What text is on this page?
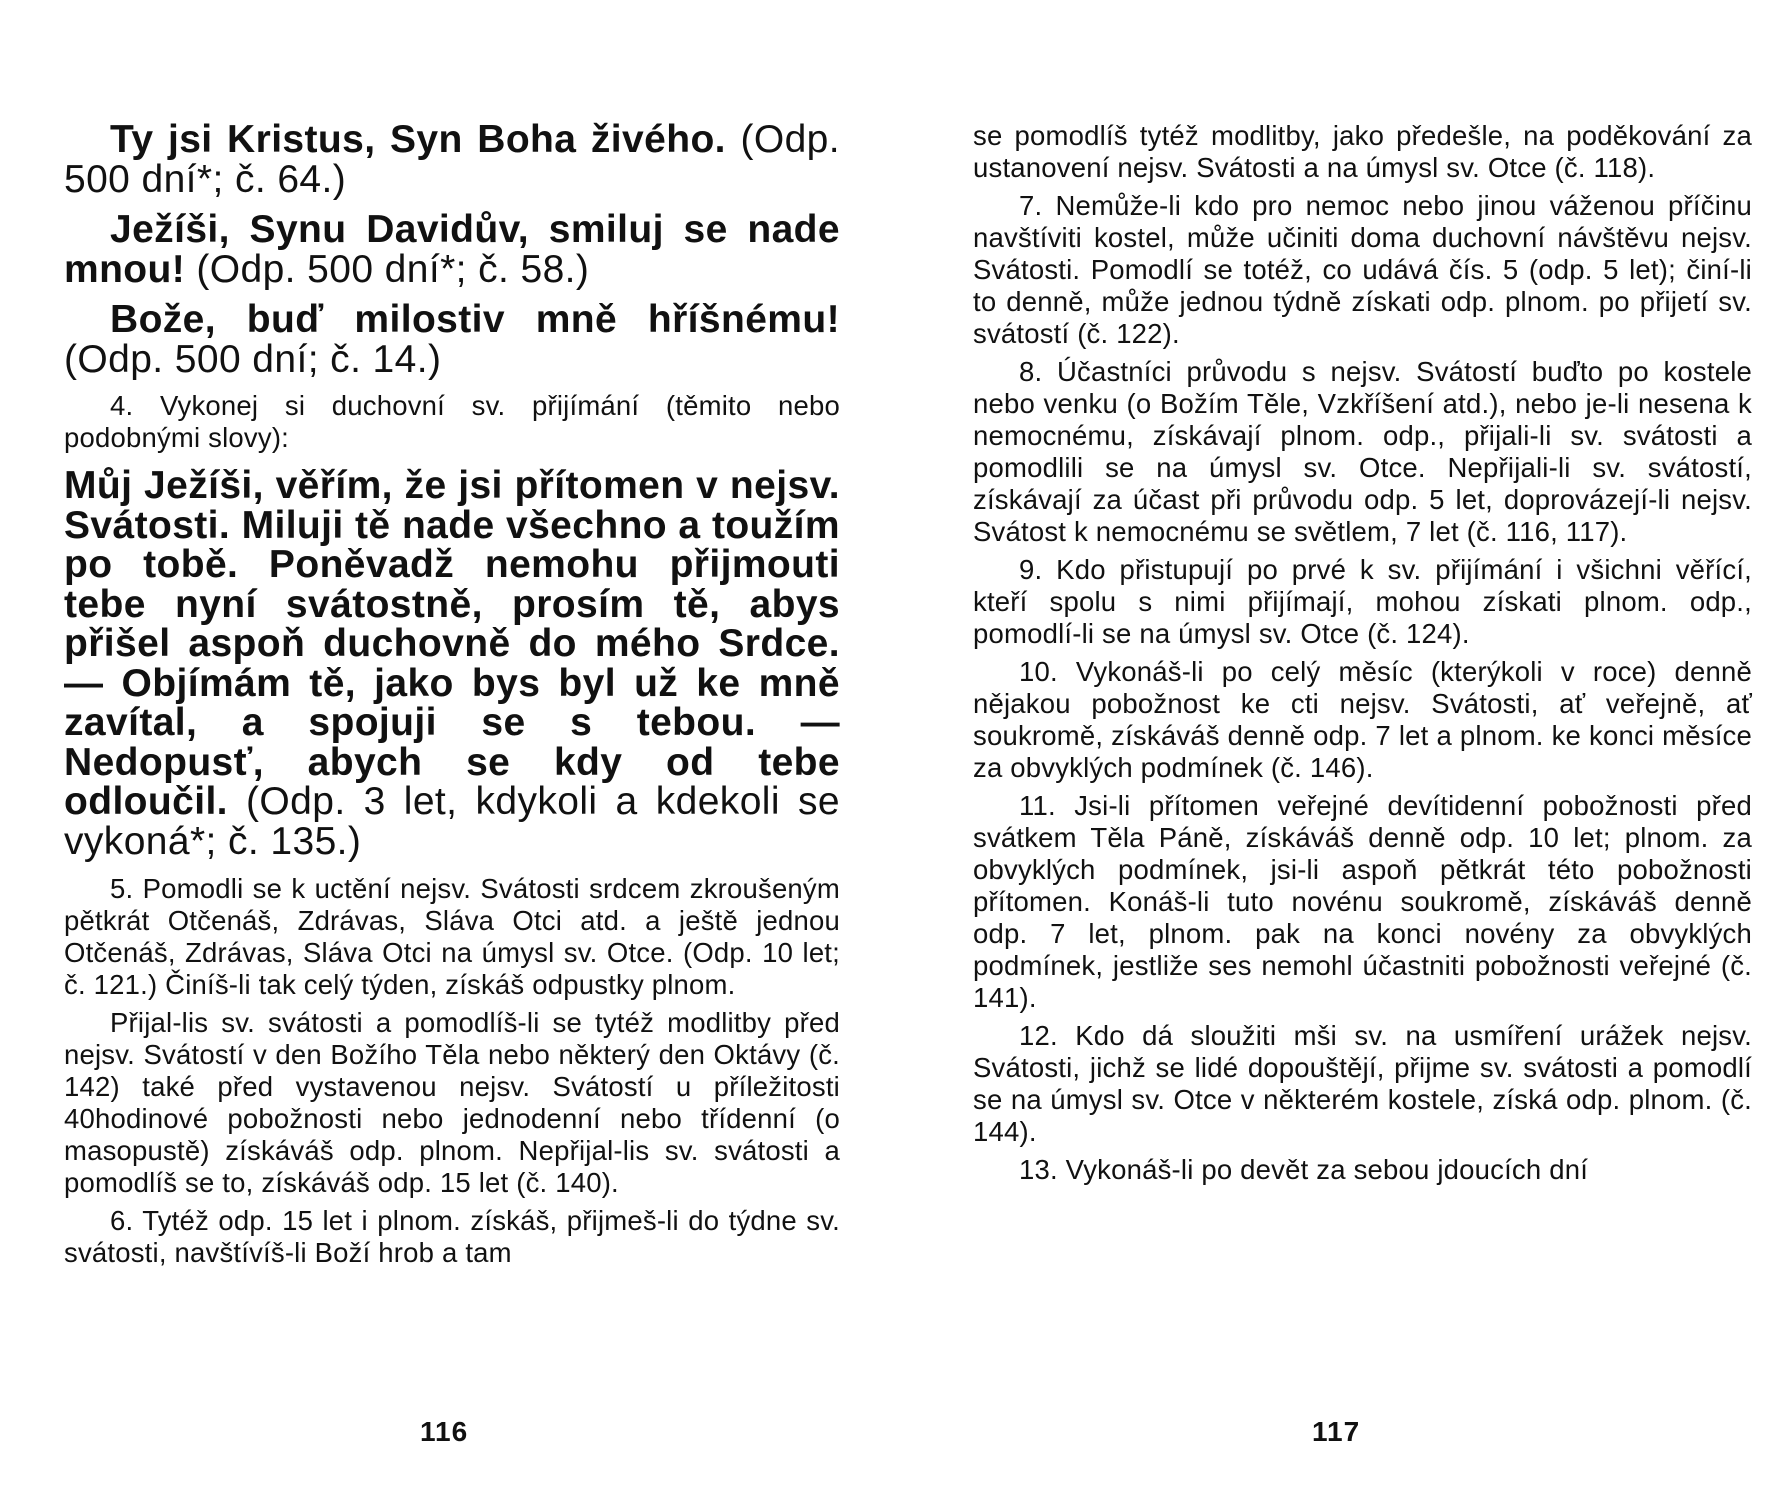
Ty jsi Kristus, Syn Boha živého. (Odp. 500 dní*; č. 64.)

Ježíši, Synu Davidův, smiluj se nade mnou! (Odp. 500 dní*; č. 58.)

Bože, buď milostiv mně hříšnému! (Odp. 500 dní; č. 14.)

4. Vykonej si duchovní sv. přijímání (těmito nebo podobnými slovy):

Můj Ježíši, věřím, že jsi přítomen v nejsv. Svátosti. Miluji tě nade všechno a toužím po tobě. Poněvadž nemohu přijmouti tebe nyní svátostně, prosím tě, abys přišel aspoň duchovně do mého Srdce. — Objímám tě, jako bys byl už ke mně zavítal, a spojuji se s tebou. — Nedopusť, abych se kdy od tebe odloučil. (Odp. 3 let, kdykoli a kdekoli se vykoná*; č. 135.)

5. Pomodli se k uctění nejsv. Svátosti srdcem zkroušeným pětkrát Otčenáš, Zdrávas, Sláva Otci atd. a ještě jednou Otčenáš, Zdrávas, Sláva Otci na úmysl sv. Otce. (Odp. 10 let; č. 121.) Činíš-li tak celý týden, získáš odpustky plnom.

Přijal-lis sv. svátosti a pomodlíš-li se tytéž modlitby před nejsv. Svátostí v den Božího Těla nebo některý den Oktávy (č. 142) také před vystavenou nejsv. Svátostí u příležitosti 40hodinové pobožnosti nebo jednodenní nebo třídenní (o masopustě) získáváš odp. plnom. Nepřijal-lis sv. svátosti a pomodlíš se to, získáváš odp. 15 let (č. 140).

6. Tytéž odp. 15 let i plnom. získáš, přijmeš-li do týdne sv. svátosti, navštívíš-li Boží hrob a tam

116

se pomodlíš tytéž modlitby, jako předešle, na poděkování za ustanovení nejsv. Svátosti a na úmysl sv. Otce (č. 118).

7. Nemůže-li kdo pro nemoc nebo jinou váženou příčinu navštíviti kostel, může učiniti doma duchovní návštěvu nejsv. Svátosti. Pomodlí se totéž, co udává čís. 5 (odp. 5 let); činí-li to denně, může jednou týdně získati odp. plnom. po přijetí sv. svátostí (č. 122).

8. Účastníci průvodu s nejsv. Svátostí buďto po kostele nebo venku (o Božím Těle, Vzkříšení atd.), nebo je-li nesena k nemocnému, získávají plnom. odp., přijali-li sv. svátosti a pomodlili se na úmysl sv. Otce. Nepřijali-li sv. svátostí, získávají za účast při průvodu odp. 5 let, doprovázejí-li nejsv. Svátost k nemocnému se světlem, 7 let (č. 116, 117).

9. Kdo přistupují po prvé k sv. přijímání i všichni věřící, kteří spolu s nimi přijímají, mohou získati plnom. odp., pomodlí-li se na úmysl sv. Otce (č. 124).

10. Vykonáš-li po celý měsíc (kterýkoli v roce) denně nějakou pobožnost ke cti nejsv. Svátosti, ať veřejně, ať soukromě, získáváš denně odp. 7 let a plnom. ke konci měsíce za obvyklých podmínek (č. 146).

11. Jsi-li přítomen veřejné devítidenní pobožnosti před svátkem Těla Páně, získáváš denně odp. 10 let; plnom. za obvyklých podmínek, jsi-li aspoň pětkrát této pobožnosti přítomen. Konáš-li tuto novénu soukromě, získáváš denně odp. 7 let, plnom. pak na konci novény za obvyklých podmínek, jestliže ses nemohl účastniti pobožnosti veřejné (č. 141).

12. Kdo dá sloužiti mši sv. na usmíření urážek nejsv. Svátosti, jichž se lidé dopouštějí, přijme sv. svátosti a pomodlí se na úmysl sv. Otce v některém kostele, získá odp. plnom. (č. 144).

13. Vykonáš-li po devět za sebou jdoucích dní

117
